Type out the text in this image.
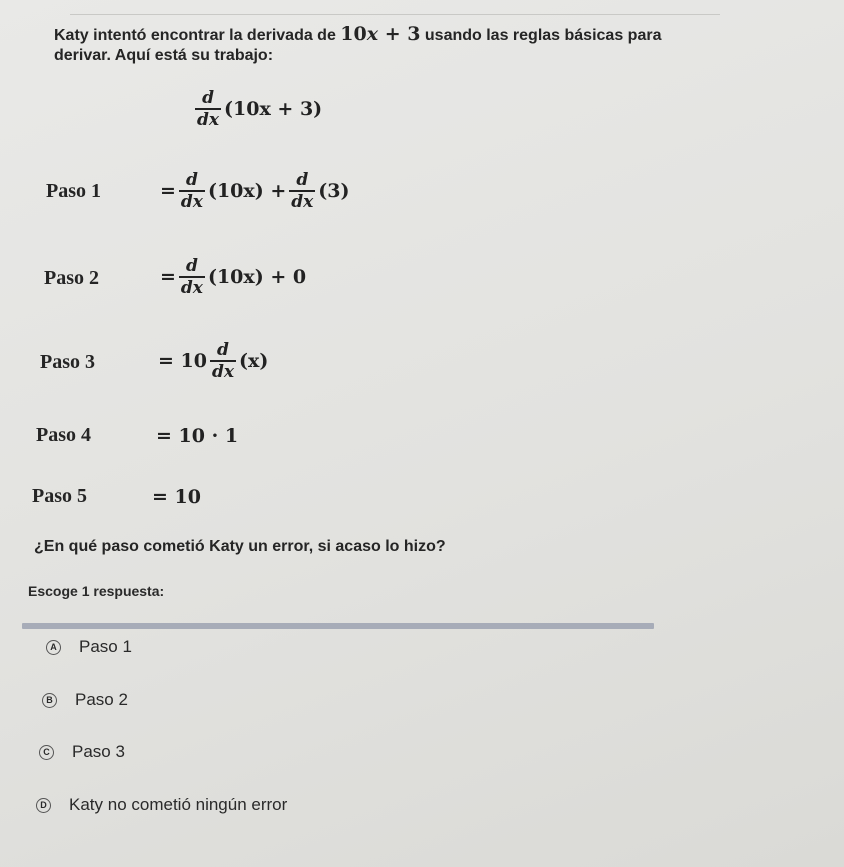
Katy intentó encontrar la derivada de 10x + 3 usando las reglas básicas para derivar. Aquí está su trabajo:
$\frac{d}{dx} (10x + 3)$
Paso 1	= $\frac{d}{dx} (10x) + \frac{d}{dx} (3)$
Paso 2	= $\frac{d}{dx} (10x) + 0$
Paso 3	= $10 \frac{d}{dx} (x)$
Paso 4	= 10 · 1
Paso 5	= 10
¿En qué paso cometió Katy un error, si acaso lo hizo?
Escoge 1 respuesta:
A Paso 1
B Paso 2
C Paso 3
D Katy no cometió ningún error
